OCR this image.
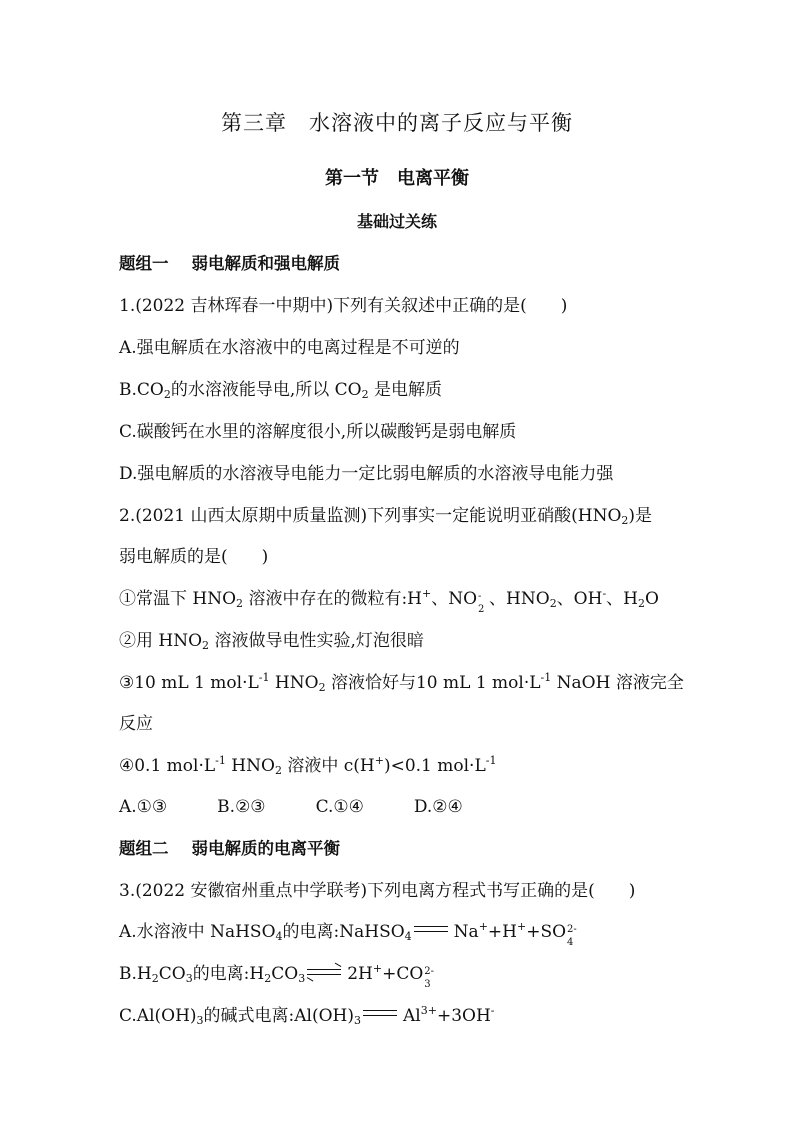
第三章　水溶液中的离子反应与平衡
第一节　电离平衡
基础过关练
题组一 弱电解质和强电解质
1.(2022 吉林珲春一中期中)下列有关叙述中正确的是(　　)
A.强电解质在水溶液中的电离过程是不可逆的
$B.CO_2$的水溶液能导电,所以 $CO_2$ 是电解质
C.碳酸钙在水里的溶解度很小,所以碳酸钙是弱电解质
D.强电解质的水溶液导电能力一定比弱电解质的水溶液导电能力强
2.(2021 山西太原期中质量监测)下列事实一定能说明亚硝酸$(HNO_2)$是
弱电解质的是(　　)
①常温下 $HNO_2$ 溶液中存在的微粒有:H+、NO -
2
、$HNO_2$、OH-、$H_2O$
②用 $HNO_2$ 溶液做导电性实验,灯泡很暗
③10 mL 1 $mol\cdot L^{-1}$ $HNO_2$ 溶液恰好与10 mL 1 $mol\cdot L^{-1}$ NaOH 溶液完全
反应
④0.1 $mol\cdot L^{-1}$ $HNO_2$ 溶液中 c(H+)<0.1 $mol\cdot L^{-1}$
A.①③	B.②③	C.①④	D.②④
题组二 弱电解质的电离平衡
3.(2022 安徽宿州重点中学联考)下列电离方程式书写正确的是(　　)
A.水溶液中 NaHSO$_4$的电离:NaHSO$_4$ Na++H++SO 2-
4
$B.H_2CO_3$的电离$:H_2CO_3$ ⇌ 2H++CO 2-
3
$C.Al(OH)_3$的碱式电离$:Al(OH)_3$ $Al^{3+}+3OH^-$
